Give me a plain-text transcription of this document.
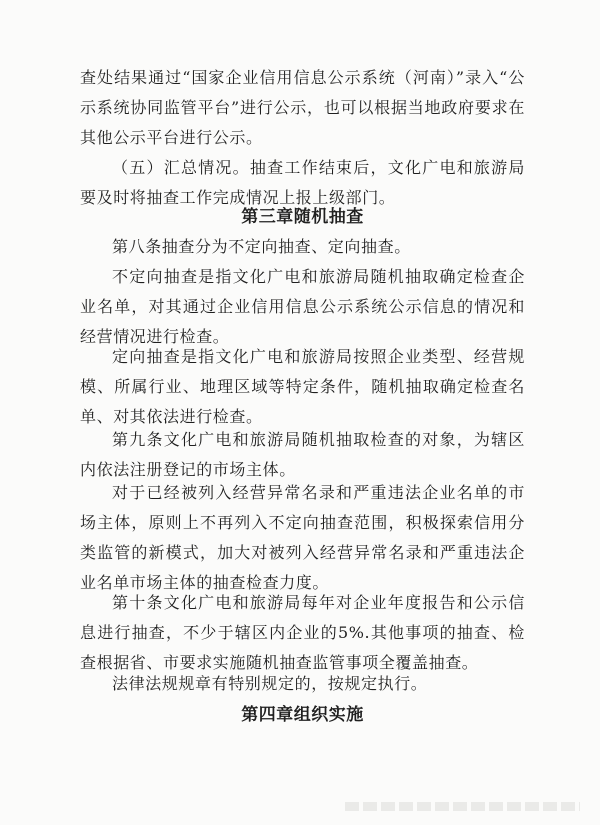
查处结果通过“国家企业信用信息公示系统（河南）”录入“公示系统协同监管平台”进行公示，也可以根据当地政府要求在其他公示平台进行公示。

（五）汇总情况。抽查工作结束后，文化广电和旅游局要及时将抽查工作完成情况上报上级部门。

第三章随机抽查

第八条抽查分为不定向抽查、定向抽查。

不定向抽查是指文化广电和旅游局随机抽取确定检查企业名单，对其通过企业信用信息公示系统公示信息的情况和经营情况进行检查。

定向抽查是指文化广电和旅游局按照企业类型、经营规模、所属行业、地理区域等特定条件，随机抽取确定检查名单、对其依法进行检查。

第九条文化广电和旅游局随机抽取检查的对象，为辖区内依法注册登记的市场主体。

对于已经被列入经营异常名录和严重违法企业名单的市场主体，原则上不再列入不定向抽查范围，积极探索信用分类监管的新模式，加大对被列入经营异常名录和严重违法企业名单市场主体的抽查检查力度。

第十条文化广电和旅游局每年对企业年度报告和公示信息进行抽查，不少于辖区内企业的5%.其他事项的抽查、检查根据省、市要求实施随机抽查监管事项全覆盖抽查。

法律法规规章有特别规定的，按规定执行。

第四章组织实施
